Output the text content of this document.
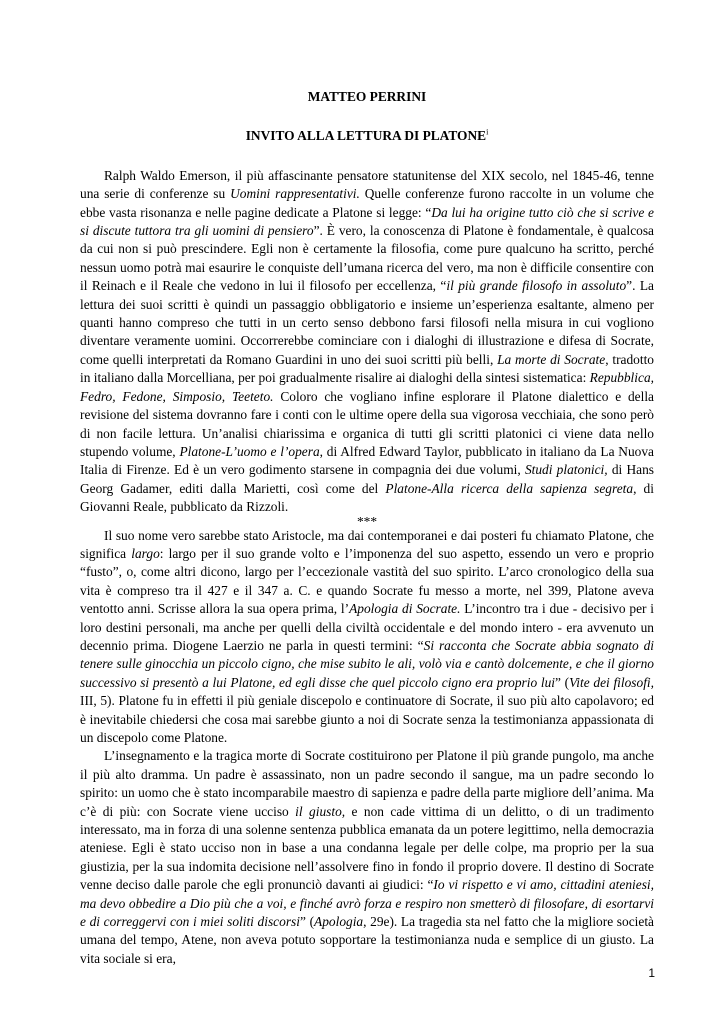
MATTEO PERRINI
INVITO ALLA LETTURA DI PLATONE$^i$

Ralph Waldo Emerson, il più affascinante pensatore statunitense del XIX secolo, nel 1845-46, tenne una serie di conferenze su Uomini rappresentativi. Quelle conferenze furono raccolte in un volume che ebbe vasta risonanza e nelle pagine dedicate a Platone si legge: “Da lui ha origine tutto ciò che si scrive e si discute tuttora tra gli uomini di pensiero”. È vero, la conoscenza di Platone è fondamentale, è qualcosa da cui non si può prescindere. Egli non è certamente la filosofia, come pure qualcuno ha scritto, perché nessun uomo potrà mai esaurire le conquiste dell’umana ricerca del vero, ma non è difficile consentire con il Reinach e il Reale che vedono in lui il filosofo per eccellenza, “il più grande filosofo in assoluto”. La lettura dei suoi scritti è quindi un passaggio obbligatorio e insieme un’esperienza esaltante, almeno per quanti hanno compreso che tutti in un certo senso debbono farsi filosofi nella misura in cui vogliono diventare veramente uomini. Occorrerebbe cominciare con i dialoghi di illustrazione e difesa di Socrate, come quelli interpretati da Romano Guardini in uno dei suoi scritti più belli, La morte di Socrate, tradotto in italiano dalla Morcelliana, per poi gradualmente risalire ai dialoghi della sintesi sistematica: Repubblica, Fedro, Fedone, Simposio, Teeteto. Coloro che vogliano infine esplorare il Platone dialettico e della revisione del sistema dovranno fare i conti con le ultime opere della sua vigorosa vecchiaia, che sono però di non facile lettura. Un’analisi chiarissima e organica di tutti gli scritti platonici ci viene data nello stupendo volume, Platone-L’uomo e l’opera, di Alfred Edward Taylor, pubblicato in italiano da La Nuova Italia di Firenze. Ed è un vero godimento starsene in compagnia dei due volumi, Studi platonici, di Hans Georg Gadamer, editi dalla Marietti, così come del Platone-Alla ricerca della sapienza segreta, di Giovanni Reale, pubblicato da Rizzoli.

***

Il suo nome vero sarebbe stato Aristocle, ma dai contemporanei e dai posteri fu chiamato Platone, che significa largo: largo per il suo grande volto e l’imponenza del suo aspetto, essendo un vero e proprio “fusto”, o, come altri dicono, largo per l’eccezionale vastità del suo spirito. L’arco cronologico della sua vita è compreso tra il 427 e il 347 a. C. e quando Socrate fu messo a morte, nel 399, Platone aveva ventotto anni. Scrisse allora la sua opera prima, l’Apologia di Socrate. L’incontro tra i due - decisivo per i loro destini personali, ma anche per quelli della civiltà occidentale e del mondo intero - era avvenuto un decennio prima. Diogene Laerzio ne parla in questi termini: “Si racconta che Socrate abbia sognato di tenere sulle ginocchia un piccolo cigno, che mise subito le ali, volò via e cantò dolcemente, e che il giorno successivo si presentò a lui Platone, ed egli disse che quel piccolo cigno era proprio lui” (Vite dei filosofi, III, 5). Platone fu in effetti il più geniale discepolo e continuatore di Socrate, il suo più alto capolavoro; ed è inevitabile chiedersi che cosa mai sarebbe giunto a noi di Socrate senza la testimonianza appassionata di un discepolo come Platone.

L’insegnamento e la tragica morte di Socrate costituirono per Platone il più grande pungolo, ma anche il più alto dramma. Un padre è assassinato, non un padre secondo il sangue, ma un padre secondo lo spirito: un uomo che è stato incomparabile maestro di sapienza e padre della parte migliore dell’anima. Ma c’è di più: con Socrate viene ucciso il giusto, e non cade vittima di un delitto, o di un tradimento interessato, ma in forza di una solenne sentenza pubblica emanata da un potere legittimo, nella democrazia ateniese. Egli è stato ucciso non in base a una condanna legale per delle colpe, ma proprio per la sua giustizia, per la sua indomita decisione nell’assolvere fino in fondo il proprio dovere. Il destino di Socrate venne deciso dalle parole che egli pronunciò davanti ai giudici: “Io vi rispetto e vi amo, cittadini ateniesi, ma devo obbedire a Dio più che a voi, e finché avrò forza e respiro non smetterò di filosofare, di esortarvi e di correggervi con i miei soliti discorsi” (Apologia, 29e). La tragedia sta nel fatto che la migliore società umana del tempo, Atene, non aveva potuto sopportare la testimonianza nuda e semplice di un giusto. La vita sociale si era,

1
